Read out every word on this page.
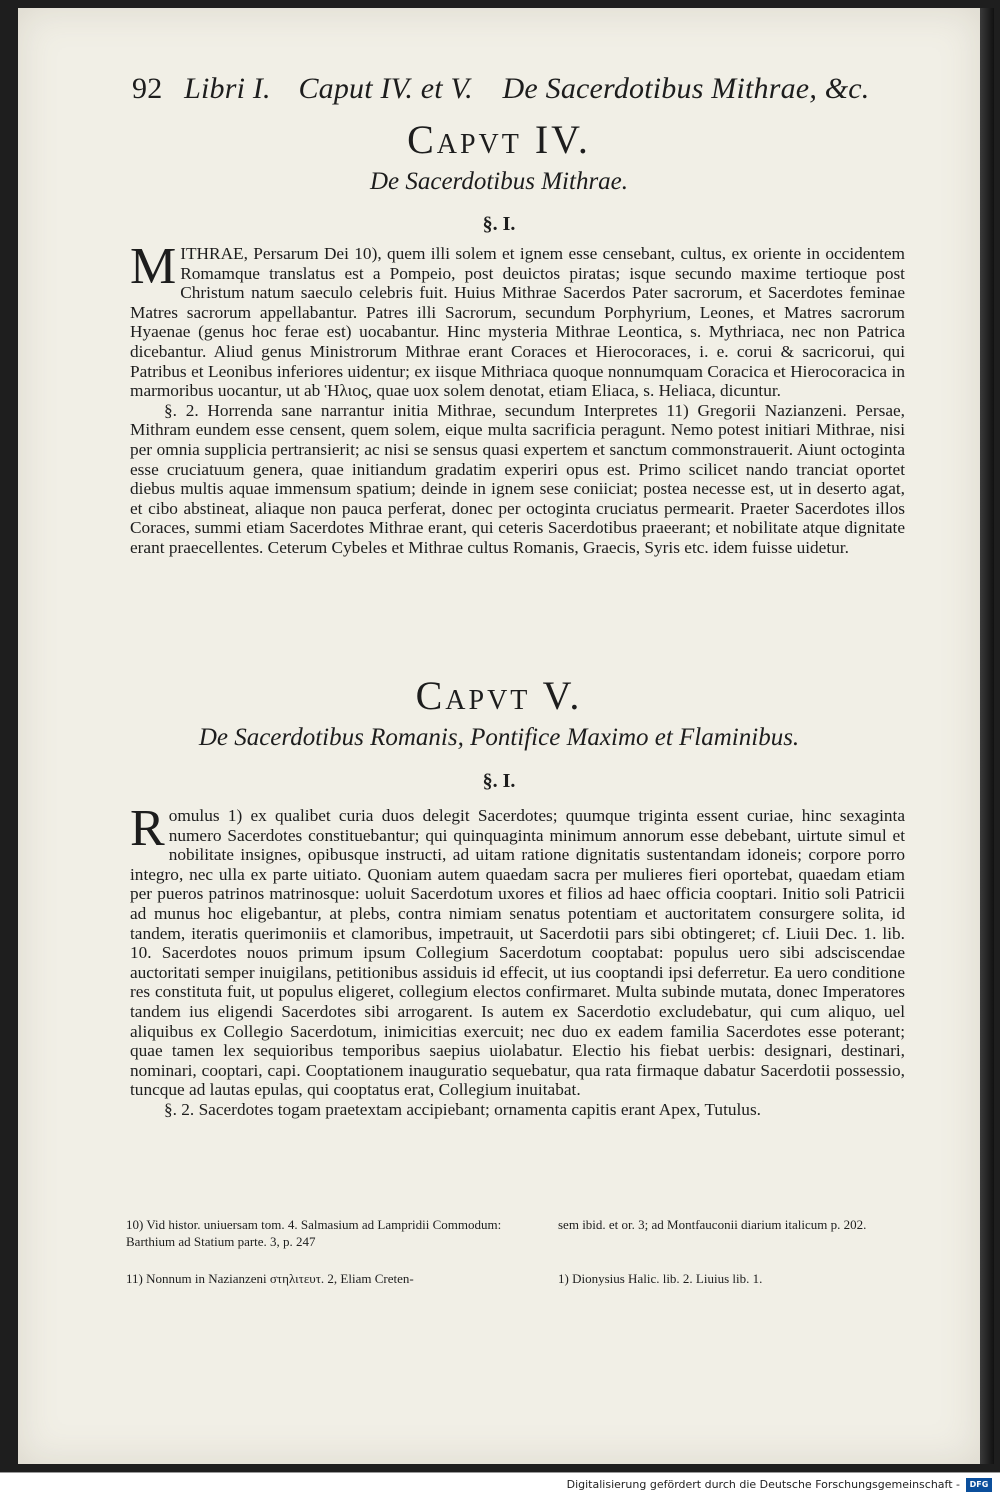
92 Libri I. Caput IV. et V. De Sacerdotibus Mithrae, &c.
Capvt IV.
De Sacerdotibus Mithrae.
§. I.

MITHRAE, Persarum Dei 10), quem illi solem et ignem esse censebant, cultus, ex oriente in occidentem Romamque translatus est a Pompeio, post deuictos piratas; isque secundo maxime tertioque post Christum natum saeculo celebris fuit. Huius Mithrae Sacerdos Pater sacrorum, et Sacerdotes feminae Matres sacrorum appellabantur. Patres illi Sacrorum, secundum Porphyrium, Leones, et Matres sacrorum Hyaenae (genus hoc ferae est) uocabantur. Hinc mysteria Mithrae Leontica, s. Mythriaca, nec non Patrica dicebantur. Aliud genus Ministrorum Mithrae erant Coraces et Hierocoraces, i. e. corui & sacricorui, qui Patribus et Leonibus inferiores uidentur; ex iisque Mithriaca quoque nonnumquam Coracica et Hierocoracica in marmoribus uocantur, ut ab Ἡλιος, quae uox solem denotat, etiam Eliaca, s. Heliaca, dicuntur.

§. 2. Horrenda sane narrantur initia Mithrae, secundum Interpretes 11) Gregorii Nazianzeni. Persae, Mithram eundem esse censent, quem solem, eique multa sacrificia peragunt. Nemo potest initiari Mithrae, nisi per omnia supplicia pertransierit; ac nisi se sensus quasi expertem et sanctum commonstrauerit. Aiunt octoginta esse cruciatuum genera, quae initiandum gradatim experiri opus est. Primo scilicet nando tranciat oportet diebus multis aquae immensum spatium; deinde in ignem sese coniiciat; postea necesse est, ut in deserto agat, et cibo abstineat, aliaque non pauca perferat, donec per octoginta cruciatus permearit. Praeter Sacerdotes illos Coraces, summi etiam Sacerdotes Mithrae erant, qui ceteris Sacerdotibus praeerant; et nobilitate atque dignitate erant praecellentes. Ceterum Cybeles et Mithrae cultus Romanis, Graecis, Syris etc. idem fuisse uidetur.

Capvt V.
De Sacerdotibus Romanis, Pontifice Maximo et Flaminibus.
§. I.

Romulus 1) ex qualibet curia duos delegit Sacerdotes; quumque triginta essent curiae, hinc sexaginta numero Sacerdotes constituebantur; qui quinquaginta minimum annorum esse debebant, uirtute simul et nobilitate insignes, opibusque instructi, ad uitam ratione dignitatis sustentandam idoneis; corpore porro integro, nec ulla ex parte uitiato. Quoniam autem quaedam sacra per mulieres fieri oportebat, quaedam etiam per pueros patrinos matrinosque: uoluit Sacerdotum uxores et filios ad haec officia cooptari. Initio soli Patricii ad munus hoc eligebantur, at plebs, contra nimiam senatus potentiam et auctoritatem consurgere solita, id tandem, iteratis querimoniis et clamoribus, impetrauit, ut Sacerdotii pars sibi obtingeret; cf. Liuii Dec. 1. lib. 10. Sacerdotes nouos primum ipsum Collegium Sacerdotum cooptabat: populus uero sibi adsciscendae auctoritati semper inuigilans, petitionibus assiduis id effecit, ut ius cooptandi ipsi deferretur. Ea uero conditione res constituta fuit, ut populus eligeret, collegium electos confirmaret. Multa subinde mutata, donec Imperatores tandem ius eligendi Sacerdotes sibi arrogarent. Is autem ex Sacerdotio excludebatur, qui cum aliquo, uel aliquibus ex Collegio Sacerdotum, inimicitias exercuit; nec duo ex eadem familia Sacerdotes esse poterant; quae tamen lex sequioribus temporibus saepius uiolabatur. Electio his fiebat uerbis: designari, destinari, nominari, cooptari, capi. Cooptationem inauguratio sequebatur, qua rata firmaque dabatur Sacerdotii possessio, tuncque ad lautas epulas, qui cooptatus erat, Collegium inuitabat.

§. 2. Sacerdotes togam praetextam accipiebant; ornamenta capitis erant Apex, Tutulus.

10) Vid histor. uniuersam tom. 4. Salmasium ad Lampridii Commodum: Barthium ad Statium parte. 3, p. 247
sem ibid. et or. 3; ad Montfauconii diarium italicum p. 202.
11) Nonnum in Nazianzeni στηλιτευτ. 2, Eliam Creten-	1) Dionysius Halic. lib. 2. Liuius lib. 1.
Digitalisierung gefördert durch die Deutsche Forschungsgemeinschaft -	DFG
